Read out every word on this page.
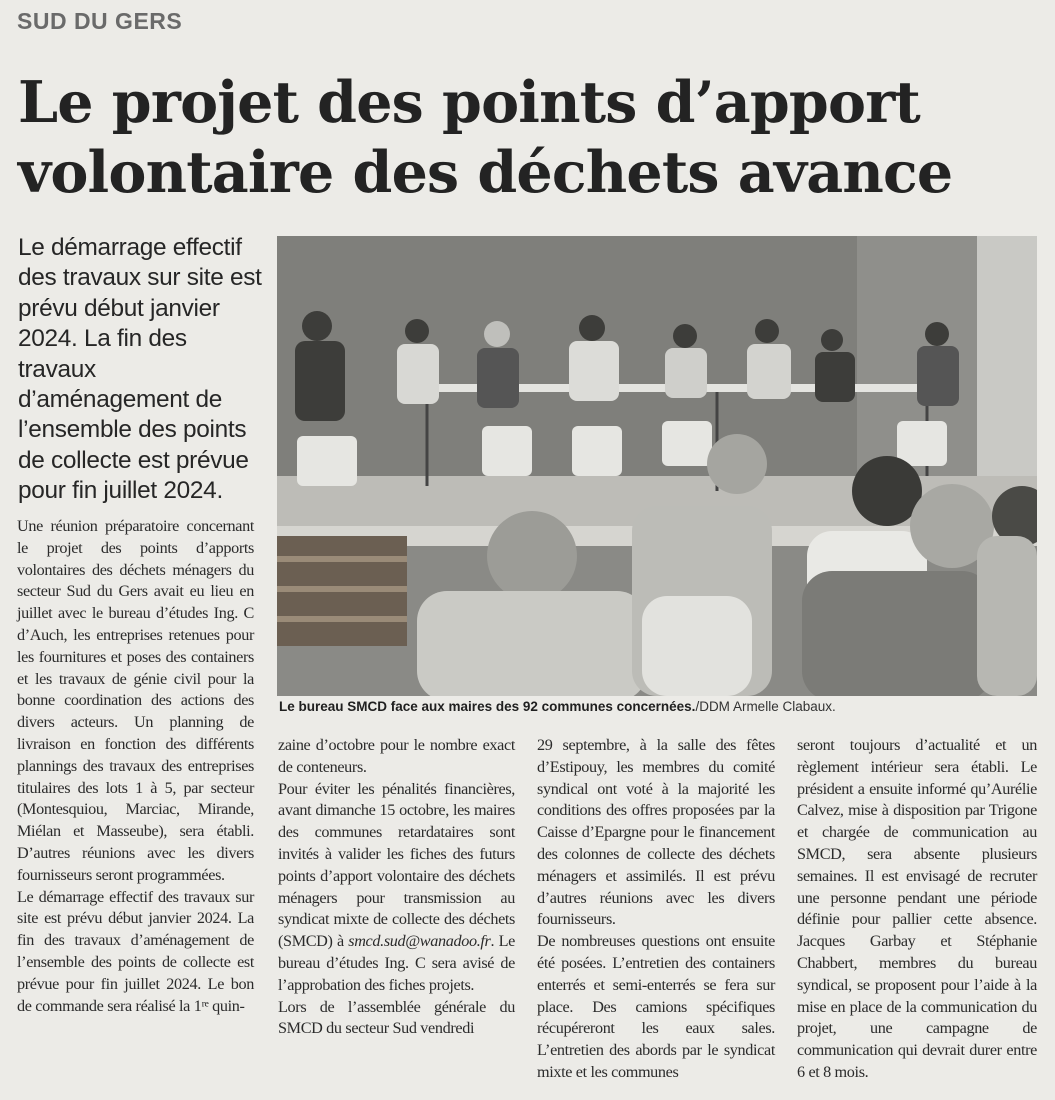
SUD DU GERS
Le projet des points d’apport volontaire des déchets avance

Le démarrage effectif des travaux sur site est prévu début janvier 2024. La fin des travaux d’aménagement de l’ensemble des points de collecte est prévue pour fin juillet 2024.

Le bureau SMCD face aux maires des 92 communes concernées./DDM Armelle Clabaux.

Une réunion préparatoire concernant le projet des points d’apports volontaires des déchets ménagers du secteur Sud du Gers avait eu lieu en juillet avec le bureau d’études Ing. C d’Auch, les entreprises retenues pour les fournitures et poses des containers et les travaux de génie civil pour la bonne coordination des actions des divers acteurs. Un planning de livraison en fonction des différents plannings des travaux des entreprises titulaires des lots 1 à 5, par secteur (Montesquiou, Marciac, Mirande, Miélan et Masseube), sera établi. D’autres réunions avec les divers fournisseurs seront programmées.

Le démarrage effectif des travaux sur site est prévu début janvier 2024. La fin des travaux d’aménagement de l’ensemble des points de collecte est prévue pour fin juillet 2024. Le bon de commande sera réalisé la 1ʳᵉ quin-

zaine d’octobre pour le nombre exact de conteneurs.

Pour éviter les pénalités financières, avant dimanche 15 octobre, les maires des communes retardataires sont invités à valider les fiches des futurs points d’apport volontaire des déchets ménagers pour transmission au syndicat mixte de collecte des déchets (SMCD) à smcd.sud@wanadoo.fr. Le bureau d’études Ing. C sera avisé de l’approbation des fiches projets.

Lors de l’assemblée générale du SMCD du secteur Sud vendredi

29 septembre, à la salle des fêtes d’Estipouy, les membres du comité syndical ont voté à la majorité les conditions des offres proposées par la Caisse d’Epargne pour le financement des colonnes de collecte des déchets ménagers et assimilés. Il est prévu d’autres réunions avec les divers fournisseurs.

De nombreuses questions ont ensuite été posées. L’entretien des containers enterrés et semi-enterrés se fera sur place. Des camions spécifiques récupéreront les eaux sales. L’entretien des abords par le syndicat mixte et les communes

seront toujours d’actualité et un règlement intérieur sera établi. Le président a ensuite informé qu’Aurélie Calvez, mise à disposition par Trigone et chargée de communication au SMCD, sera absente plusieurs semaines. Il est envisagé de recruter une personne pendant une période définie pour pallier cette absence. Jacques Garbay et Stéphanie Chabbert, membres du bureau syndical, se proposent pour l’aide à la mise en place de la communication du projet, une campagne de communication qui devrait durer entre 6 et 8 mois.
